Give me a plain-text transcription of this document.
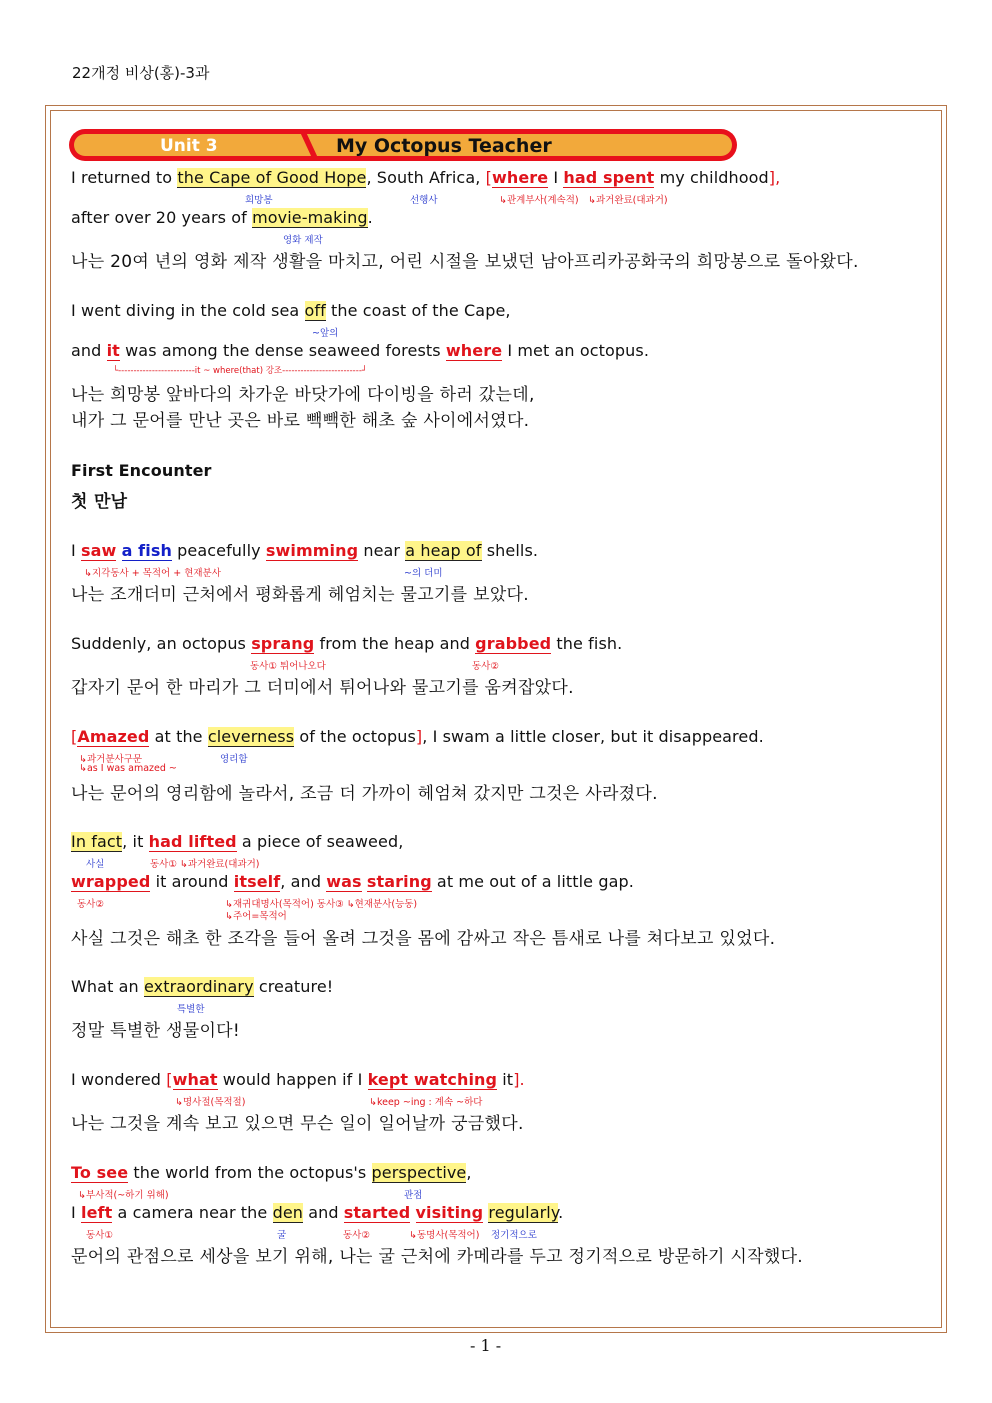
22개정 비상(홍)-3과
Unit 3	My Octopus Teacher
I returned to the Cape of Good Hope, South Africa, [where I had spent my childhood],
희망봉	선행사	↳관계부사(계속적) ↳과거완료(대과거)
after over 20 years of movie-making.
영화 제작
나는 20여 년의 영화 제작 생활을 마치고, 어린 시절을 보냈던 남아프리카공화국의 희망봉으로 돌아왔다.
I went diving in the cold sea off the coast of the Cape,
~앞의
and it was among the dense seaweed forests where I met an octopus.
└-------------------------it ~ where(that) 강조--------------------------┘
나는 희망봉 앞바다의 차가운 바닷가에 다이빙을 하러 갔는데,
내가 그 문어를 만난 곳은 바로 빽빽한 해초 숲 사이에서였다.
First Encounter
첫 만남
I saw a fish peacefully swimming near a heap of shells.
↳지각동사 + 목적어 + 현재분사	~의 더미
나는 조개더미 근처에서 평화롭게 헤엄치는 물고기를 보았다.
Suddenly, an octopus sprang from the heap and grabbed the fish.
동사① 튀어나오다	동사②
갑자기 문어 한 마리가 그 더미에서 튀어나와 물고기를 움켜잡았다.
[Amazed at the cleverness of the octopus], I swam a little closer, but it disappeared.
↳과거분사구문	영리함
↳as I was amazed ~
나는 문어의 영리함에 놀라서, 조금 더 가까이 헤엄쳐 갔지만 그것은 사라졌다.
In fact, it had lifted a piece of seaweed,
사실	동사① ↳과거완료(대과거)
wrapped it around itself, and was staring at me out of a little gap.
동사②	↳재귀대명사(목적어) 동사③ ↳현재분사(능동)
↳주어=목적어
사실 그것은 해초 한 조각을 들어 올려 그것을 몸에 감싸고 작은 틈새로 나를 쳐다보고 있었다.
What an extraordinary creature!
특별한
정말 특별한 생물이다!
I wondered [what would happen if I kept watching it].
↳명사절(목적절)	↳keep ~ing : 계속 ~하다
나는 그것을 계속 보고 있으면 무슨 일이 일어날까 궁금했다.
To see the world from the octopus's perspective,
↳부사적(~하기 위해)	관점
I left a camera near the den and started visiting regularly.
동사①	굴	동사②	↳동명사(목적어) 정기적으로
문어의 관점으로 세상을 보기 위해, 나는 굴 근처에 카메라를 두고 정기적으로 방문하기 시작했다.
- 1 -
